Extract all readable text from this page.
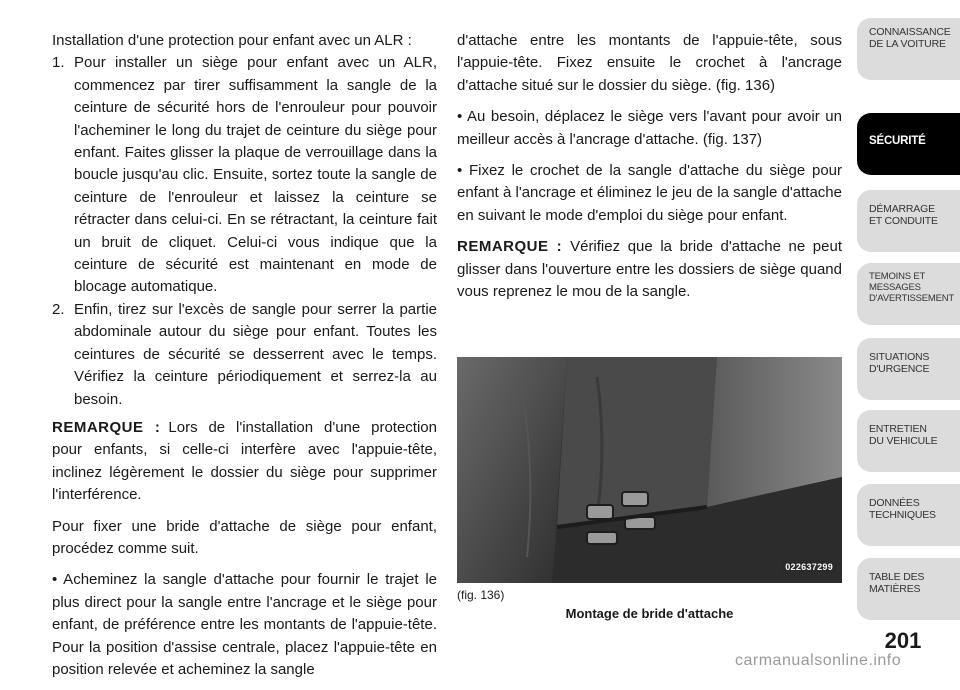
Installation d'une protection pour enfant avec un ALR :

1. Pour installer un siège pour enfant avec un ALR, commencez par tirer suffisamment la sangle de la ceinture de sécurité hors de l'enrouleur pour pouvoir l'acheminer le long du trajet de ceinture du siège pour enfant. Faites glisser la plaque de verrouillage dans la boucle jusqu'au clic. Ensuite, sortez toute la sangle de ceinture de l'enrouleur et laissez la ceinture se rétracter dans celui-ci. En se rétractant, la ceinture fait un bruit de cliquet. Celui-ci vous indique que la ceinture de sécurité est maintenant en mode de blocage automatique.
2. Enfin, tirez sur l'excès de sangle pour serrer la partie abdominale autour du siège pour enfant. Toutes les ceintures de sécurité se desserrent avec le temps. Vérifiez la ceinture périodiquement et serrez-la au besoin.

REMARQUE : Lors de l'installation d'une protection pour enfants, si celle-ci interfère avec l'appuie-tête, inclinez légèrement le dossier du siège pour supprimer l'interférence.

Pour fixer une bride d'attache de siège pour enfant, procédez comme suit.

• Acheminez la sangle d'attache pour fournir le trajet le plus direct pour la sangle entre l'ancrage et le siège pour enfant, de préférence entre les montants de l'appuie-tête. Pour la position d'assise centrale, placez l'appuie-tête en position relevée et acheminez la sangle

d'attache entre les montants de l'appuie-tête, sous l'appuie-tête. Fixez ensuite le crochet à l'ancrage d'attache situé sur le dossier du siège. (fig. 136)

• Au besoin, déplacez le siège vers l'avant pour avoir un meilleur accès à l'ancrage d'attache. (fig. 137)

• Fixez le crochet de la sangle d'attache du siège pour enfant à l'ancrage et éliminez le jeu de la sangle d'attache en suivant le mode d'emploi du siège pour enfant.

REMARQUE : Vérifiez que la bride d'attache ne peut glisser dans l'ouverture entre les dossiers de siège quand vous reprenez le mou de la sangle.

022637299
(fig. 136)
Montage de bride d'attache
CONNAISSANCE
DE LA VOITURE
SÉCURITÉ
DÉMARRAGE
ET CONDUITE
TEMOINS ET
MESSAGES
D'AVERTISSEMENT
SITUATIONS
D'URGENCE
ENTRETIEN
DU VEHICULE
DONNÉES
TECHNIQUES
TABLE DES
MATIÈRES
201
carmanualsonline.info
